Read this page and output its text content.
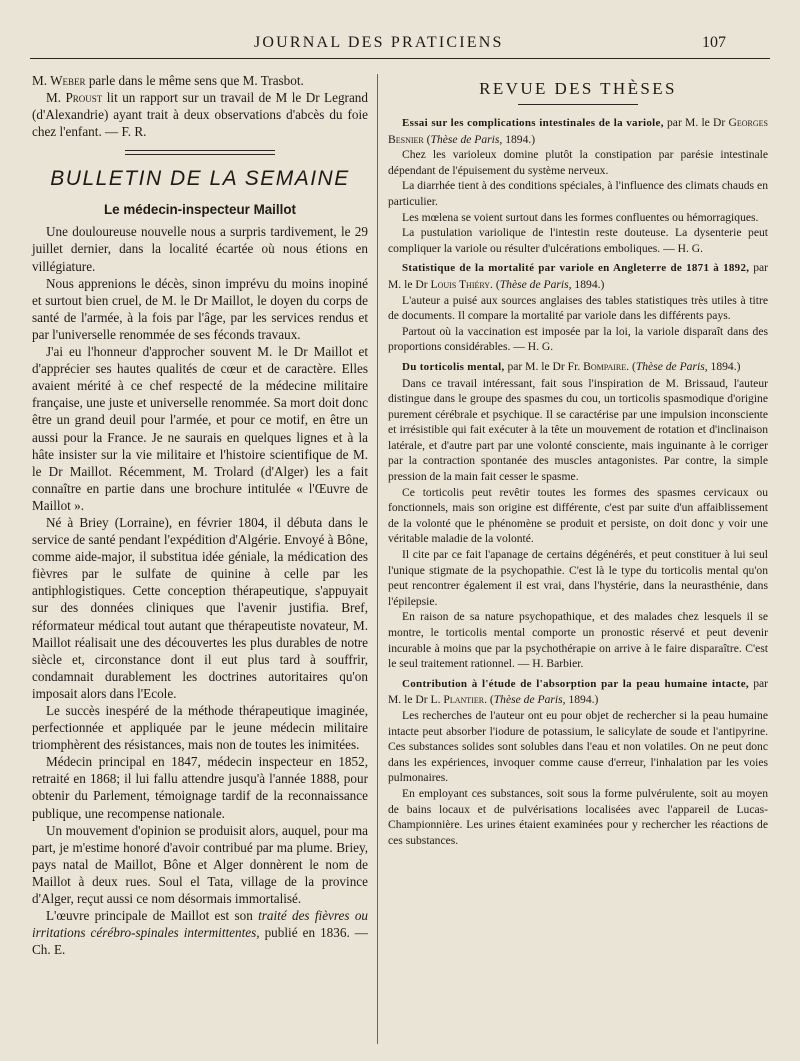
JOURNAL DES PRATICIENS	107

M. Weber parle dans le même sens que M. Trasbot.

M. Proust lit un rapport sur un travail de M le Dr Legrand (d'Alexandrie) ayant trait à deux observations d'abcès du foie chez l'enfant. — F. R.

BULLETIN DE LA SEMAINE
Le médecin-inspecteur Maillot

Une douloureuse nouvelle nous a surpris tardivement, le 29 juillet dernier, dans la localité écartée où nous étions en villégiature.

Nous apprenions le décès, sinon imprévu du moins inopiné et surtout bien cruel, de M. le Dr Maillot, le doyen du corps de santé de l'armée, à la fois par l'âge, par les services rendus et par l'universelle renommée de ses féconds travaux.

J'ai eu l'honneur d'approcher souvent M. le Dr Maillot et d'apprécier ses hautes qualités de cœur et de caractère. Elles avaient mérité à ce chef respecté de la médecine militaire française, une juste et universelle renommée. Sa mort doit donc être un grand deuil pour l'armée, et pour ce motif, en être un aussi pour la France. Je ne saurais en quelques lignes et à la hâte insister sur la vie militaire et l'histoire scientifique de M. le Dr Maillot. Récemment, M. Trolard (d'Alger) les a fait connaître en partie dans une brochure intitulée « l'Œuvre de Maillot ».

Né à Briey (Lorraine), en février 1804, il débuta dans le service de santé pendant l'expédition d'Algérie. Envoyé à Bône, comme aide-major, il substitua idée géniale, la médication des fièvres par le sulfate de quinine à celle par les antiphlogistiques. Cette conception thérapeutique, s'appuyait sur des données cliniques que l'avenir justifia. Bref, réformateur médical tout autant que thérapeutiste novateur, M. Maillot réalisait une des découvertes les plus durables de notre siècle et, circonstance dont il eut plus tard à souffrir, condamnait durablement les doctrines autoritaires qu'on imposait alors dans l'Ecole.

Le succès inespéré de la méthode thérapeutique imaginée, perfectionnée et appliquée par le jeune médecin militaire triomphèrent des résistances, mais non de toutes les inimitées.

Médecin principal en 1847, médecin inspecteur en 1852, retraité en 1868; il lui fallu attendre jusqu'à l'année 1888, pour obtenir du Parlement, témoignage tardif de la reconnaissance publique, une recompense nationale.

Un mouvement d'opinion se produisit alors, auquel, pour ma part, je m'estime honoré d'avoir contribué par ma plume. Briey, pays natal de Maillot, Bône et Alger donnèrent le nom de Maillot à deux rues. Soul el Tata, village de la province d'Alger, reçut aussi ce nom désormais immortalisé.

L'œuvre principale de Maillot est son traité des fièvres ou irritations cérébro-spinales intermittentes, publié en 1836. — Ch. E.

REVUE DES THÈSES

Essai sur les complications intestinales de la variole, par M. le Dr Georges Besnier (Thèse de Paris, 1894.)

Chez les varioleux domine plutôt la constipation par parésie intestinale dépendant de l'épuisement du système nerveux.

La diarrhée tient à des conditions spéciales, à l'influence des climats chauds en particulier.

Les mœlena se voient surtout dans les formes confluentes ou hémorragiques.

La pustulation variolique de l'intestin reste douteuse. La dysenterie peut compliquer la variole ou résulter d'ulcérations emboliques. — H. G.

Statistique de la mortalité par variole en Angleterre de 1871 à 1892, par M. le Dr Louis Thiéry. (Thèse de Paris, 1894.)

L'auteur a puisé aux sources anglaises des tables statistiques très utiles à titre de documents. Il compare la mortalité par variole dans les différents pays.

Partout où la vaccination est imposée par la loi, la variole disparaît dans des proportions considérables. — H. G.

Du torticolis mental, par M. le Dr Fr. Bompaire. (Thèse de Paris, 1894.)

Dans ce travail intéressant, fait sous l'inspiration de M. Brissaud, l'auteur distingue dans le groupe des spasmes du cou, un torticolis spasmodique d'origine purement cérébrale et psychique. Il se caractérise par une impulsion inconsciente et irrésistible qui fait exécuter à la tête un mouvement de rotation et d'inclinaison latérale, et d'autre part par une volonté consciente, mais inguinante à le corriger par la contraction spontanée des muscles antagonistes. Par contre, la simple pression de la main fait cesser le spasme.

Ce torticolis peut revêtir toutes les formes des spasmes cervicaux ou fonctionnels, mais son origine est différente, c'est par suite d'un affaiblissement de la volonté que le phénomène se produit et persiste, on doit donc y voir une véritable maladie de la volonté.

Il cite par ce fait l'apanage de certains dégénérés, et peut constituer à lui seul l'unique stigmate de la psychopathie. C'est là le type du torticolis mental qu'on peut rencontrer également il est vrai, dans l'hystérie, dans la neurasthénie, dans l'épilepsie.

En raison de sa nature psychopathique, et des malades chez lesquels il se montre, le torticolis mental comporte un pronostic réservé et peut devenir incurable à moins que par la psychothérapie on arrive à le faire disparaître. C'est le seul traitement rationnel. — H. Barbier.

Contribution à l'étude de l'absorption par la peau humaine intacte, par M. le Dr L. Plantier. (Thèse de Paris, 1894.)

Les recherches de l'auteur ont eu pour objet de rechercher si la peau humaine intacte peut absorber l'iodure de potassium, le salicylate de soude et l'antipyrine. Ces substances solides sont solubles dans l'eau et non volatiles. On ne peut donc dans les expériences, invoquer comme cause d'erreur, l'inhalation par les voies pulmonaires.

En employant ces substances, soit sous la forme pulvérulente, soit au moyen de bains locaux et de pulvérisations localisées avec l'appareil de Lucas-Championnière. Les urines étaient examinées pour y rechercher les réactions de ces substances.
